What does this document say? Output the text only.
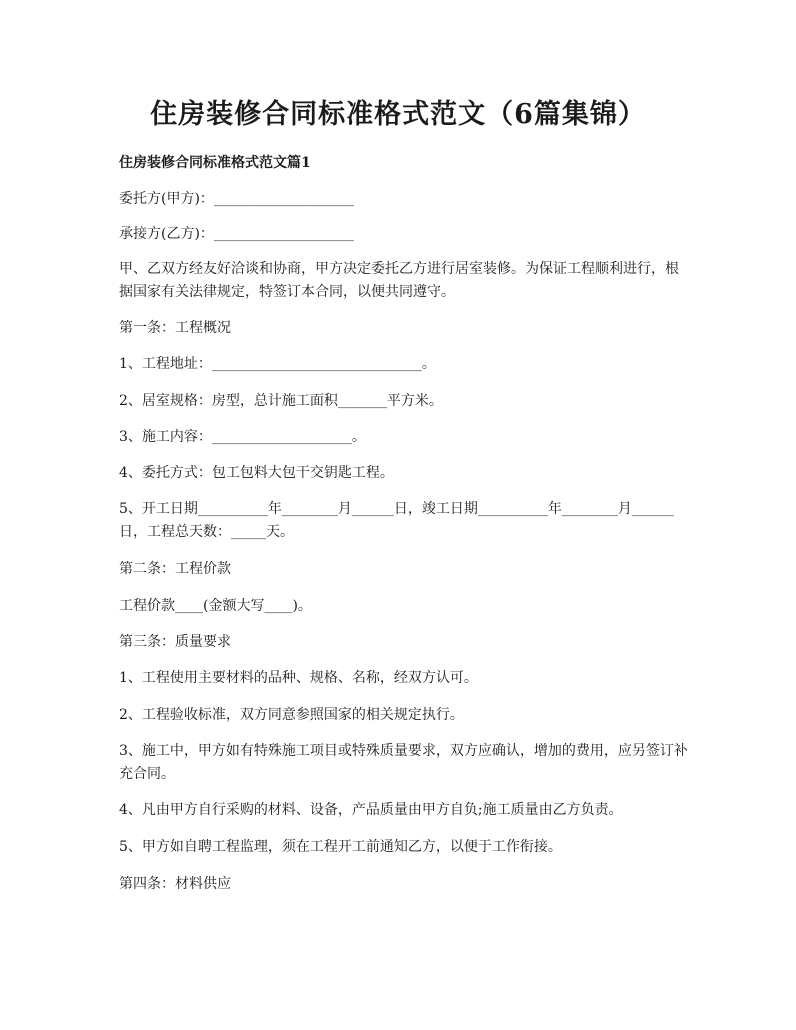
住房装修合同标准格式范文（6篇集锦）
住房装修合同标准格式范文篇1

委托方(甲方)：____________________

承接方(乙方)：____________________

甲、乙双方经友好洽谈和协商，甲方决定委托乙方进行居室装修。为保证工程顺利进行，根据国家有关法律规定，特签订本合同，以便共同遵守。

第一条：工程概况

1、工程地址：______________________________。

2、居室规格：房型，总计施工面积_______平方米。

3、施工内容：____________________。

4、委托方式：包工包料大包干交钥匙工程。

5、开工日期__________年________月______日，竣工日期__________年________月______日，工程总天数：_____天。

第二条：工程价款

工程价款____(金额大写____)。

第三条：质量要求

1、工程使用主要材料的品种、规格、名称，经双方认可。

2、工程验收标准，双方同意参照国家的相关规定执行。

3、施工中，甲方如有特殊施工项目或特殊质量要求，双方应确认，增加的费用，应另签订补充合同。

4、凡由甲方自行采购的材料、设备，产品质量由甲方自负;施工质量由乙方负责。

5、甲方如自聘工程监理，须在工程开工前通知乙方，以便于工作衔接。

第四条：材料供应
